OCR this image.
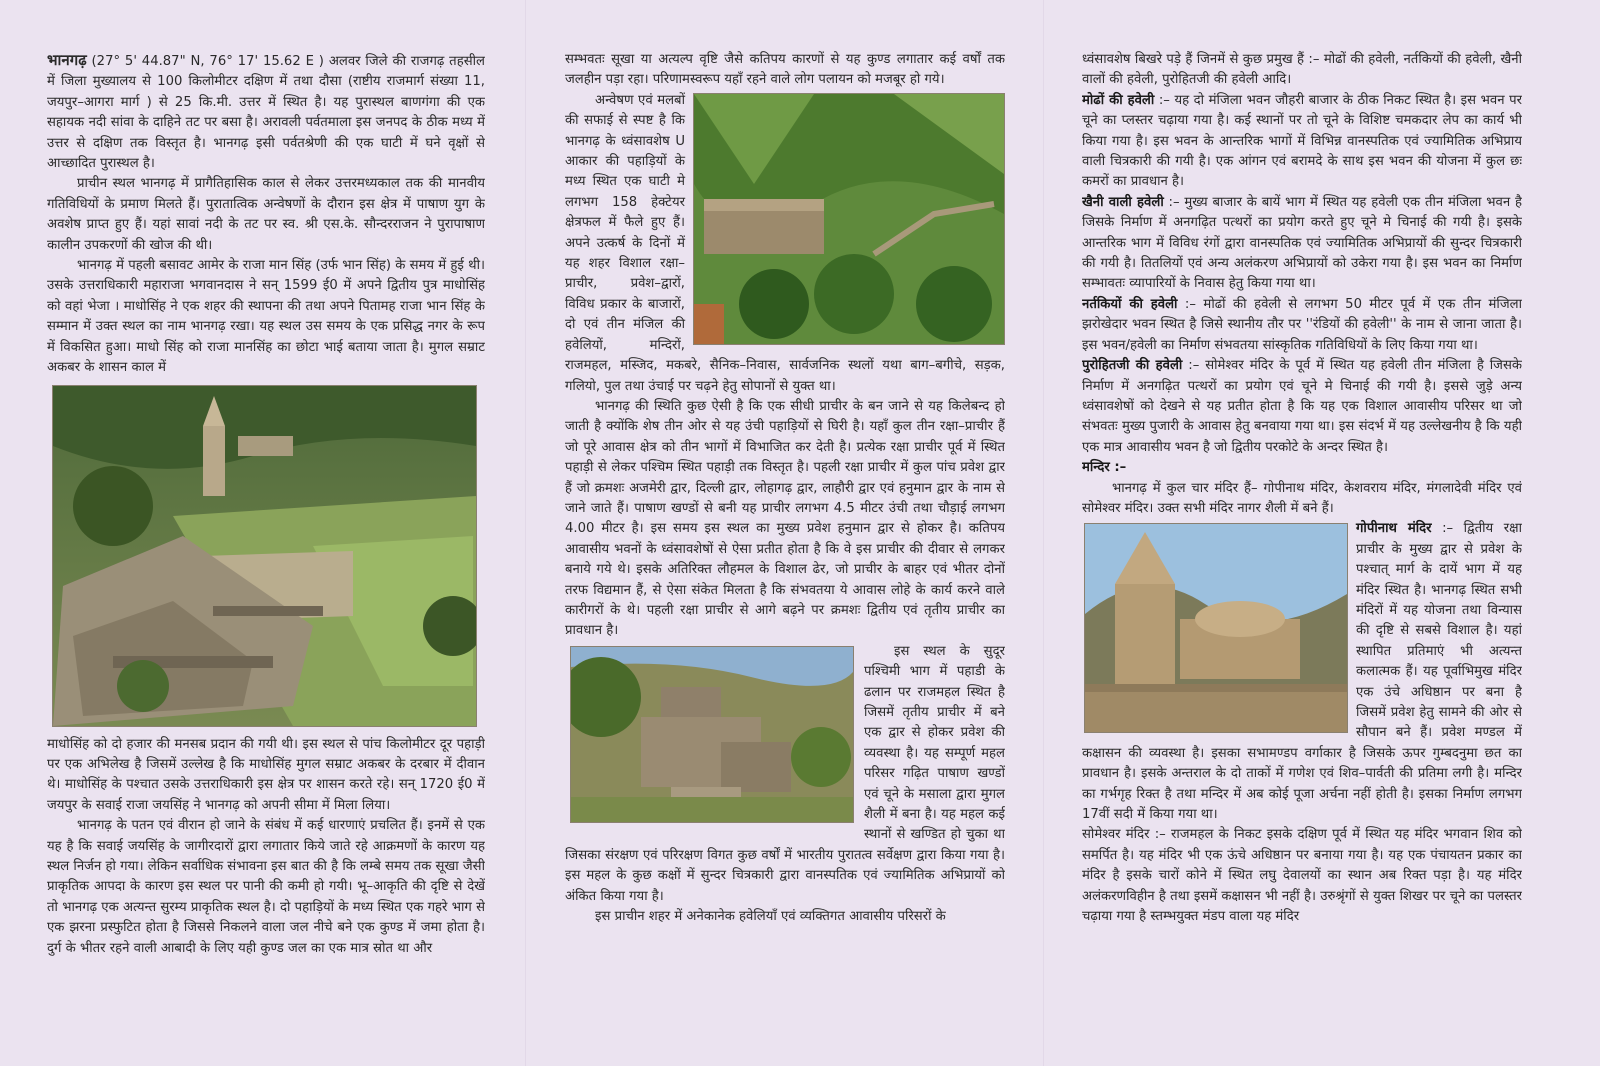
भानगढ़ (27° 5' 44.87" N, 76° 17' 15.62 E ) अलवर जिले की राजगढ़ तहसील में जिला मुख्यालय से 100 किलोमीटर दक्षिण में तथा दौसा (राष्टीय राजमार्ग संख्या 11, जयपुर–आगरा मार्ग ) से 25 कि.मी. उत्तर में स्थित है। यह पुरास्थल बाणगंगा की एक सहायक नदी सांवा के दाहिने तट पर बसा है। अरावली पर्वतमाला इस जनपद के ठीक मध्य में उत्तर से दक्षिण तक विस्तृत है। भानगढ़ इसी पर्वतश्रेणी की एक घाटी में घने वृक्षों से आच्छादित पुरास्थल है।

प्राचीन स्थल भानगढ़ में प्रागैतिहासिक काल से लेकर उत्तरमध्यकाल तक की मानवीय गतिविधियों के प्रमाण मिलते हैं। पुरातात्विक अन्वेषणों के दौरान इस क्षेत्र में पाषाण युग के अवशेष प्राप्त हुए हैं। यहां सावां नदी के तट पर स्व. श्री एस.के. सौन्दरराजन ने पुरापाषाण कालीन उपकरणों की खोज की थी।

भानगढ़ में पहली बसावट आमेर के राजा मान सिंह (उर्फ भान सिंह) के समय में हुई थी। उसके उत्तराधिकारी महाराजा भगवानदास ने सन् 1599 ई0 में अपने द्वितीय पुत्र माधोसिंह को वहां भेजा । माधोसिंह ने एक शहर की स्थापना की तथा अपने पितामह राजा भान सिंह के सम्मान में उक्त स्थल का नाम भानगढ़ रखा। यह स्थल उस समय के एक प्रसिद्ध नगर के रूप में विकसित हुआ। माधो सिंह को राजा मानसिंह का छोटा भाई बताया जाता है। मुगल सम्राट अकबर के शासन काल में

माधोसिंह को दो हजार की मनसब प्रदान की गयी थी। इस स्थल से पांच किलोमीटर दूर पहाड़ी पर एक अभिलेख है जिसमें उल्लेख है कि माधोसिंह मुगल सम्राट अकबर के दरबार में दीवान थे। माधोसिंह के पश्चात उसके उत्तराधिकारी इस क्षेत्र पर शासन करते रहे। सन् 1720 ई0 में जयपुर के सवाई राजा जयसिंह ने भानगढ़ को अपनी सीमा में मिला लिया।

भानगढ़ के पतन एवं वीरान हो जाने के संबंध में कई धारणाएं प्रचलित हैं। इनमें से एक यह है कि सवाई जयसिंह के जागीरदारों द्वारा लगातार किये जाते रहे आक्रमणों के कारण यह स्थल निर्जन हो गया। लेकिन सर्वाधिक संभावना इस बात की है कि लम्बे समय तक सूखा जैसी प्राकृतिक आपदा के कारण इस स्थल पर पानी की कमी हो गयी। भू–आकृति की दृष्टि से देखें तो भानगढ़ एक अत्यन्त सुरम्य प्राकृतिक स्थल है। दो पहाड़ियों के मध्य स्थित एक गहरे भाग से एक झरना प्रस्फुटित होता है जिससे निकलने वाला जल नीचे बने एक कुण्ड में जमा होता है। दुर्ग के भीतर रहने वाली आबादी के लिए यही कुण्ड जल का एक मात्र स्रोत था और

सम्भवतः सूखा या अत्यल्प वृष्टि जैसे कतिपय कारणों से यह कुण्ड लगातार कई वर्षों तक जलहीन पड़ा रहा। परिणामस्वरूप यहाँ रहने वाले लोग पलायन को मजबूर हो गये।

अन्वेषण एवं मलबों की सफाई से स्पष्ट है कि भानगढ़ के ध्वंसावशेष U आकार की पहाड़ियों के मध्य स्थित एक घाटी मे लगभग 158 हेक्टेयर क्षेत्रफल में फैले हुए हैं। अपने उत्कर्ष के दिनों में यह शहर विशाल रक्षा–प्राचीर, प्रवेश–द्वारों, विविध प्रकार के बाजारों, दो एवं तीन मंजिल की हवेलियों, मन्दिरों, राजमहल, मस्जिद, मकबरे, सैनिक–निवास, सार्वजनिक स्थलों यथा बाग–बगीचे, सड़क, गलियो, पुल तथा उंचाई पर चढ़ने हेतु सोपानों से युक्त था।

भानगढ़ की स्थिति कुछ ऐसी है कि एक सीधी प्राचीर के बन जाने से यह किलेबन्द हो जाती है क्योंकि शेष तीन ओर से यह उंची पहाड़ियों से घिरी है। यहाँ कुल तीन रक्षा–प्राचीर हैं जो पूरे आवास क्षेत्र को तीन भागों में विभाजित कर देती है। प्रत्येक रक्षा प्राचीर पूर्व में स्थित पहाड़ी से लेकर पश्चिम स्थित पहाड़ी तक विस्तृत है। पहली रक्षा प्राचीर में कुल पांच प्रवेश द्वार हैं जो क्रमशः अजमेरी द्वार, दिल्ली द्वार, लोहागढ़ द्वार, लाहौरी द्वार एवं हनुमान द्वार के नाम से जाने जाते हैं। पाषाण खण्डों से बनी यह प्राचीर लगभग 4.5 मीटर उंची तथा चौड़ाई लगभग 4.00 मीटर है। इस समय इस स्थल का मुख्य प्रवेश हनुमान द्वार से होकर है। कतिपय आवासीय भवनों के ध्वंसावशेषों से ऐसा प्रतीत होता है कि वे इस प्राचीर की दीवार से लगकर बनाये गये थे। इसके अतिरिक्त लौहमल के विशाल ढेर, जो प्राचीर के बाहर एवं भीतर दोनों तरफ विद्यमान हैं, से ऐसा संकेत मिलता है कि संभवतया ये आवास लोहे के कार्य करने वाले कारीगरों के थे। पहली रक्षा प्राचीर से आगे बढ़ने पर क्रमशः द्वितीय एवं तृतीय प्राचीर का प्रावधान है।

इस स्थल के सुदूर पश्चिमी भाग में पहाडी के ढलान पर राजमहल स्थित है जिसमें तृतीय प्राचीर में बने एक द्वार से होकर प्रवेश की व्यवस्था है। यह सम्पूर्ण महल परिसर गढ़ित पाषाण खण्डों एवं चूने के मसाला द्वारा मुगल शैली में बना है। यह महल कई स्थानों से खण्डित हो चुका था जिसका संरक्षण एवं परिरक्षण विगत कुछ वर्षों में भारतीय पुरातत्व सर्वेक्षण द्वारा किया गया है। इस महल के कुछ कक्षों में सुन्दर चित्रकारी द्वारा वानस्पतिक एवं ज्यामितिक अभिप्रायों को अंकित किया गया है।

इस प्राचीन शहर में अनेकानेक हवेलियाँ एवं व्यक्तिगत आवासीय परिसरों के

ध्वंसावशेष बिखरे पड़े हैं जिनमें से कुछ प्रमुख हैं :– मोढों की हवेली, नर्तकियों की हवेली, खैनी वालों की हवेली, पुरोहितजी की हवेली आदि।

मोढों की हवेली :– यह दो मंजिला भवन जौहरी बाजार के ठीक निकट स्थित है। इस भवन पर चूने का प्लस्तर चढ़ाया गया है। कई स्थानों पर तो चूने के विशिष्ट चमकदार लेप का कार्य भी किया गया है। इस भवन के आन्तरिक भागों में विभिन्न वानस्पतिक एवं ज्यामितिक अभिप्राय वाली चित्रकारी की गयी है। एक आंगन एवं बरामदे के साथ इस भवन की योजना में कुल छः कमरों का प्रावधान है।

खैनी वाली हवेली :– मुख्य बाजार के बायें भाग में स्थित यह हवेली एक तीन मंजिला भवन है जिसके निर्माण में अनगढ़ित पत्थरों का प्रयोग करते हुए चूने मे चिनाई की गयी है। इसके आन्तरिक भाग में विविध रंगों द्वारा वानस्पतिक एवं ज्यामितिक अभिप्रायों की सुन्दर चित्रकारी की गयी है। तितलियों एवं अन्य अलंकरण अभिप्रायों को उकेरा गया है। इस भवन का निर्माण सम्भावतः व्यापारियों के निवास हेतु किया गया था।

नर्तकियों की हवेली :– मोढों की हवेली से लगभग 50 मीटर पूर्व में एक तीन मंजिला झरोखेदार भवन स्थित है जिसे स्थानीय तौर पर ''रंडियों की हवेली'' के नाम से जाना जाता है। इस भवन/हवेली का निर्माण संभवतया सांस्कृतिक गतिविधियों के लिए किया गया था।

पुरोहितजी की हवेली :– सोमेश्वर मंदिर के पूर्व में स्थित यह हवेली तीन मंजिला है जिसके निर्माण में अनगढ़ित पत्थरों का प्रयोग एवं चूने मे चिनाई की गयी है। इससे जुड़े अन्य ध्वंसावशेषों को देखने से यह प्रतीत होता है कि यह एक विशाल आवासीय परिसर था जो संभवतः मुख्य पुजारी के आवास हेतु बनवाया गया था। इस संदर्भ में यह उल्लेखनीय है कि यही एक मात्र आवासीय भवन है जो द्वितीय परकोटे के अन्दर स्थित है।

मन्दिर :–

भानगढ़ में कुल चार मंदिर हैं– गोपीनाथ मंदिर, केशवराय मंदिर, मंगलादेवी मंदिर एवं सोमेश्वर मंदिर। उक्त सभी मंदिर नागर शैली में बने हैं।

गोपीनाथ मंदिर :– द्वितीय रक्षा प्राचीर के मुख्य द्वार से प्रवेश के पश्चात् मार्ग के दायें भाग में यह मंदिर स्थित है। भानगढ़ स्थित सभी मंदिरों में यह योजना तथा विन्यास की दृष्टि से सबसे विशाल है। यहां स्थापित प्रतिमाएं भी अत्यन्त कलात्मक हैं। यह पूर्वाभिमुख मंदिर एक उंचे अधिष्ठान पर बना है जिसमें प्रवेश हेतु सामने की ओर से सौपान बने हैं। प्रवेश मण्डल में कक्षासन की व्यवस्था है। इसका सभामण्डप वर्गाकार है जिसके ऊपर गुम्बदनुमा छत का प्रावधान है। इसके अन्तराल के दो ताकों में गणेश एवं शिव–पार्वती की प्रतिमा लगी है। मन्दिर का गर्भगृह रिक्त है तथा मन्दिर में अब कोई पूजा अर्चना नहीं होती है। इसका निर्माण लगभग 17वीं सदी में किया गया था।

सोमेश्वर मंदिर :– राजमहल के निकट इसके दक्षिण पूर्व में स्थित यह मंदिर भगवान शिव को समर्पित है। यह मंदिर भी एक ऊंचे अधिष्ठान पर बनाया गया है। यह एक पंचायतन प्रकार का मंदिर है इसके चारों कोने में स्थित लघु देवालयों का स्थान अब रिक्त पड़ा है। यह मंदिर अलंकरणविहीन है तथा इसमें कक्षासन भी नहीं है। उरुश्रृंगों से युक्त शिखर पर चूने का पलस्तर चढ़ाया गया है स्तम्भयुक्त मंडप वाला यह मंदिर
